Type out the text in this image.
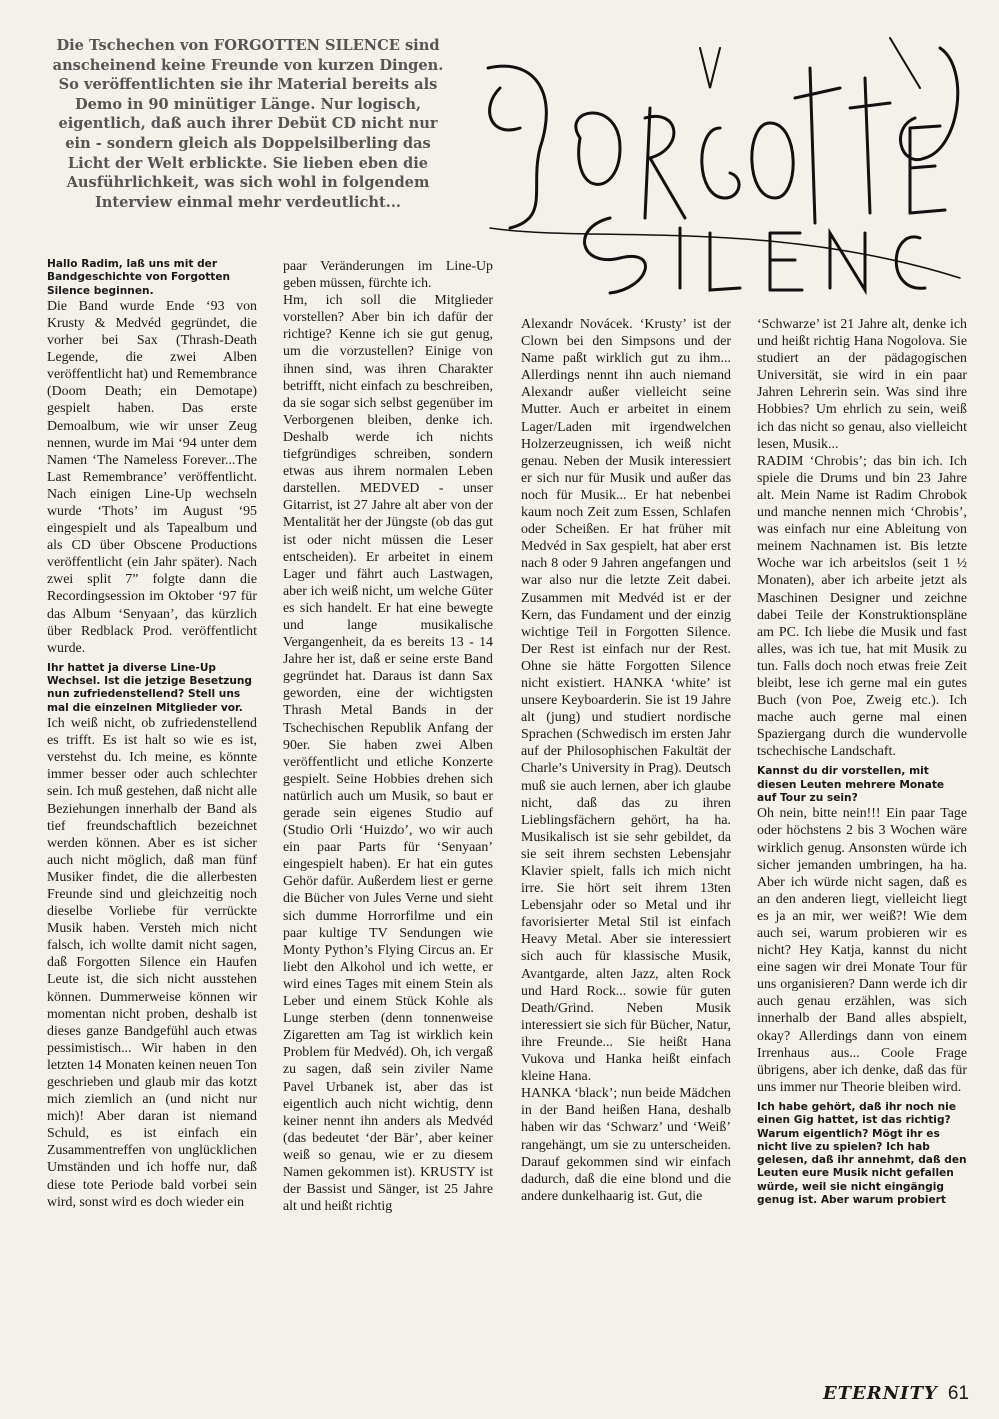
Die Tschechen von FORGOTTEN SILENCE sind anscheinend keine Freunde von kurzen Dingen. So veröffentlichten sie ihr Material bereits als Demo in 90 minütiger Länge. Nur logisch, eigentlich, daß auch ihrer Debüt CD nicht nur ein - sondern gleich als Doppelsilberling das Licht der Welt erblickte. Sie lieben eben die Ausführlichkeit, was sich wohl in folgendem Interview einmal mehr verdeutlicht...

Forgotten Silence

Hallo Radim, laß uns mit der Bandgeschichte von Forgotten Silence beginnen.

Die Band wurde Ende ‘93 von Krusty & Medvéd gegründet, die vorher bei Sax (Thrash-Death Legende, die zwei Alben veröffentlicht hat) und Remembrance (Doom Death; ein Demotape) gespielt haben. Das erste Demoalbum, wie wir unser Zeug nennen, wurde im Mai ‘94 unter dem Namen ‘The Nameless Forever...The Last Remembrance’ veröffentlicht. Nach einigen Line-Up wechseln wurde ‘Thots’ im August ‘95 eingespielt und als Tapealbum und als CD über Obscene Productions veröffentlicht (ein Jahr später). Nach zwei split 7” folgte dann die Recordingsession im Oktober ‘97 für das Album ‘Senyaan’, das kürzlich über Redblack Prod. veröffentlicht wurde.

Ihr hattet ja diverse Line-Up Wechsel. Ist die jetzige Besetzung nun zufriedenstellend? Stell uns mal die einzelnen Mitglieder vor.

Ich weiß nicht, ob zufriedenstellend es trifft. Es ist halt so wie es ist, verstehst du. Ich meine, es könnte immer besser oder auch schlechter sein. Ich muß gestehen, daß nicht alle Beziehungen innerhalb der Band als tief freundschaftlich bezeichnet werden können. Aber es ist sicher auch nicht möglich, daß man fünf Musiker findet, die die allerbesten Freunde sind und gleichzeitig noch dieselbe Vorliebe für verrückte Musik haben. Versteh mich nicht falsch, ich wollte damit nicht sagen, daß Forgotten Silence ein Haufen Leute ist, die sich nicht ausstehen können. Dummerweise können wir momentan nicht proben, deshalb ist dieses ganze Bandgefühl auch etwas pessimistisch... Wir haben in den letzten 14 Monaten keinen neuen Ton geschrieben und glaub mir das kotzt mich ziemlich an (und nicht nur mich)! Aber daran ist niemand Schuld, es ist einfach ein Zusammentreffen von unglücklichen Umständen und ich hoffe nur, daß diese tote Periode bald vorbei sein wird, sonst wird es doch wieder ein

paar Veränderungen im Line-Up geben müssen, fürchte ich.

Hm, ich soll die Mitglieder vorstellen? Aber bin ich dafür der richtige? Kenne ich sie gut genug, um die vorzustellen? Einige von ihnen sind, was ihren Charakter betrifft, nicht einfach zu beschreiben, da sie sogar sich selbst gegenüber im Verborgenen bleiben, denke ich. Deshalb werde ich nichts tiefgründiges schreiben, sondern etwas aus ihrem normalen Leben darstellen. MEDVED - unser Gitarrist, ist 27 Jahre alt aber von der Mentalität her der Jüngste (ob das gut ist oder nicht müssen die Leser entscheiden). Er arbeitet in einem Lager und fährt auch Lastwagen, aber ich weiß nicht, um welche Güter es sich handelt. Er hat eine bewegte und lange musikalische Vergangenheit, da es bereits 13 - 14 Jahre her ist, daß er seine erste Band gegründet hat. Daraus ist dann Sax geworden, eine der wichtigsten Thrash Metal Bands in der Tschechischen Republik Anfang der 90er. Sie haben zwei Alben veröffentlicht und etliche Konzerte gespielt. Seine Hobbies drehen sich natürlich auch um Musik, so baut er gerade sein eigenes Studio auf (Studio Orli ‘Huizdo’, wo wir auch ein paar Parts für ‘Senyaan’ eingespielt haben). Er hat ein gutes Gehör dafür. Außerdem liest er gerne die Bücher von Jules Verne und sieht sich dumme Horrorfilme und ein paar kultige TV Sendungen wie Monty Python’s Flying Circus an. Er liebt den Alkohol und ich wette, er wird eines Tages mit einem Stein als Leber und einem Stück Kohle als Lunge sterben (denn tonnenweise Zigaretten am Tag ist wirklich kein Problem für Medvéd). Oh, ich vergaß zu sagen, daß sein ziviler Name Pavel Urbanek ist, aber das ist eigentlich auch nicht wichtig, denn keiner nennt ihn anders als Medvéd (das bedeutet ‘der Bär’, aber keiner weiß so genau, wie er zu diesem Namen gekommen ist). KRUSTY ist der Bassist und Sänger, ist 25 Jahre alt und heißt richtig

Alexandr Novácek. ‘Krusty’ ist der Clown bei den Simpsons und der Name paßt wirklich gut zu ihm... Allerdings nennt ihn auch niemand Alexandr außer vielleicht seine Mutter. Auch er arbeitet in einem Lager/Laden mit irgendwelchen Holzerzeugnissen, ich weiß nicht genau. Neben der Musik interessiert er sich nur für Musik und außer das noch für Musik... Er hat nebenbei kaum noch Zeit zum Essen, Schlafen oder Scheißen. Er hat früher mit Medvéd in Sax gespielt, hat aber erst nach 8 oder 9 Jahren angefangen und war also nur die letzte Zeit dabei. Zusammen mit Medvéd ist er der Kern, das Fundament und der einzig wichtige Teil in Forgotten Silence. Der Rest ist einfach nur der Rest. Ohne sie hätte Forgotten Silence nicht existiert. HANKA ‘white’ ist unsere Keyboarderin. Sie ist 19 Jahre alt (jung) und studiert nordische Sprachen (Schwedisch im ersten Jahr auf der Philosophischen Fakultät der Charle’s University in Prag). Deutsch muß sie auch lernen, aber ich glaube nicht, daß das zu ihren Lieblingsfächern gehört, ha ha. Musikalisch ist sie sehr gebildet, da sie seit ihrem sechsten Lebensjahr Klavier spielt, falls ich mich nicht irre. Sie hört seit ihrem 13ten Lebensjahr oder so Metal und ihr favorisierter Metal Stil ist einfach Heavy Metal. Aber sie interessiert sich auch für klassische Musik, Avantgarde, alten Jazz, alten Rock und Hard Rock... sowie für guten Death/Grind. Neben Musik interessiert sie sich für Bücher, Natur, ihre Freunde... Sie heißt Hana Vukova und Hanka heißt einfach kleine Hana.

HANKA ‘black’; nun beide Mädchen in der Band heißen Hana, deshalb haben wir das ‘Schwarz’ und ‘Weiß’ rangehängt, um sie zu unterscheiden. Darauf gekommen sind wir einfach dadurch, daß die eine blond und die andere dunkelhaarig ist. Gut, die

‘Schwarze’ ist 21 Jahre alt, denke ich und heißt richtig Hana Nogolova. Sie studiert an der pädagogischen Universität, sie wird in ein paar Jahren Lehrerin sein. Was sind ihre Hobbies? Um ehrlich zu sein, weiß ich das nicht so genau, also vielleicht lesen, Musik...

RADIM ‘Chrobis’; das bin ich. Ich spiele die Drums und bin 23 Jahre alt. Mein Name ist Radim Chrobok und manche nennen mich ‘Chrobis’, was einfach nur eine Ableitung von meinem Nachnamen ist. Bis letzte Woche war ich arbeitslos (seit 1 ½ Monaten), aber ich arbeite jetzt als Maschinen Designer und zeichne dabei Teile der Konstruktionspläne am PC. Ich liebe die Musik und fast alles, was ich tue, hat mit Musik zu tun. Falls doch noch etwas freie Zeit bleibt, lese ich gerne mal ein gutes Buch (von Poe, Zweig etc.). Ich mache auch gerne mal einen Spaziergang durch die wundervolle tschechische Landschaft.

Kannst du dir vorstellen, mit diesen Leuten mehrere Monate auf Tour zu sein?

Oh nein, bitte nein!!! Ein paar Tage oder höchstens 2 bis 3 Wochen wäre wirklich genug. Ansonsten würde ich sicher jemanden umbringen, ha ha. Aber ich würde nicht sagen, daß es an den anderen liegt, vielleicht liegt es ja an mir, wer weiß?! Wie dem auch sei, warum probieren wir es nicht? Hey Katja, kannst du nicht eine sagen wir drei Monate Tour für uns organisieren? Dann werde ich dir auch genau erzählen, was sich innerhalb der Band alles abspielt, okay? Allerdings dann von einem Irrenhaus aus... Coole Frage übrigens, aber ich denke, daß das für uns immer nur Theorie bleiben wird.

Ich habe gehört, daß ihr noch nie einen Gig hattet, ist das richtig? Warum eigentlich? Mögt ihr es nicht live zu spielen? Ich hab gelesen, daß ihr annehmt, daß den Leuten eure Musik nicht gefallen würde, weil sie nicht eingängig genug ist. Aber warum probiert

ETERNITY 61
